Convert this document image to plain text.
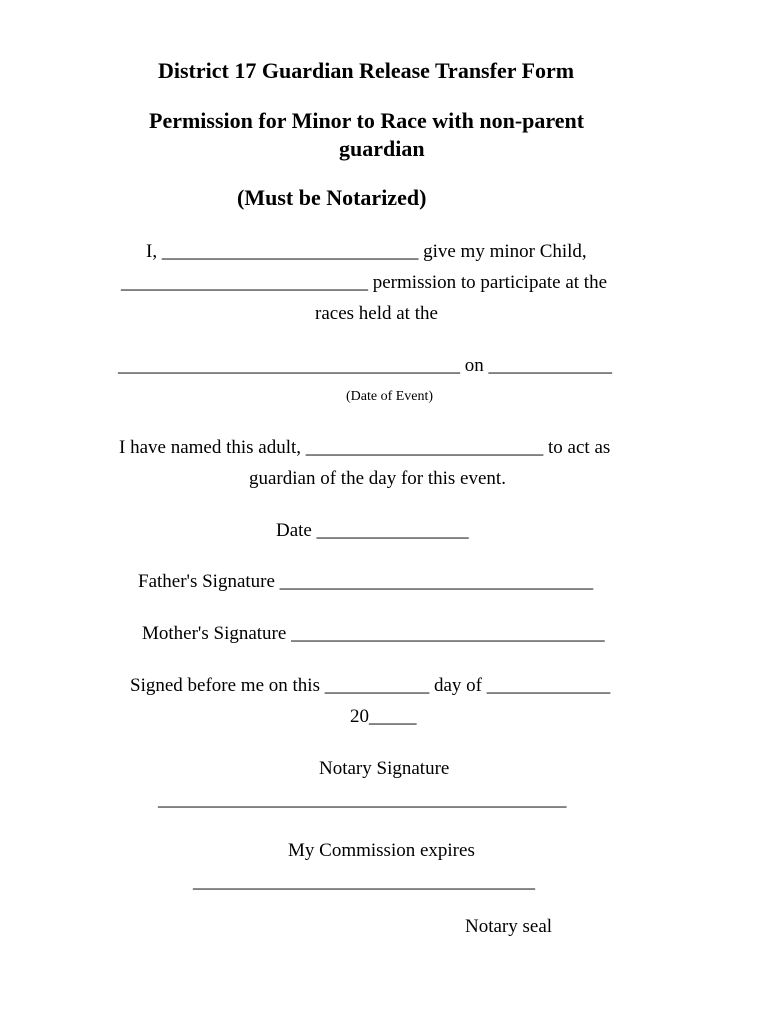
District 17 Guardian Release Transfer Form
Permission for Minor to Race with non-parent
guardian
(Must be Notarized)
I, ___________________________ give my minor Child,
__________________________ permission to participate at the
races held at the
____________________________________ on _____________
(Date of Event)
I have named this adult, _________________________ to act as
guardian of the day for this event.
Date ________________
Father's Signature _________________________________
Mother's Signature _________________________________
Signed before me on this ___________ day of _____________
20_____
Notary Signature
___________________________________________
My Commission expires
____________________________________
Notary seal
